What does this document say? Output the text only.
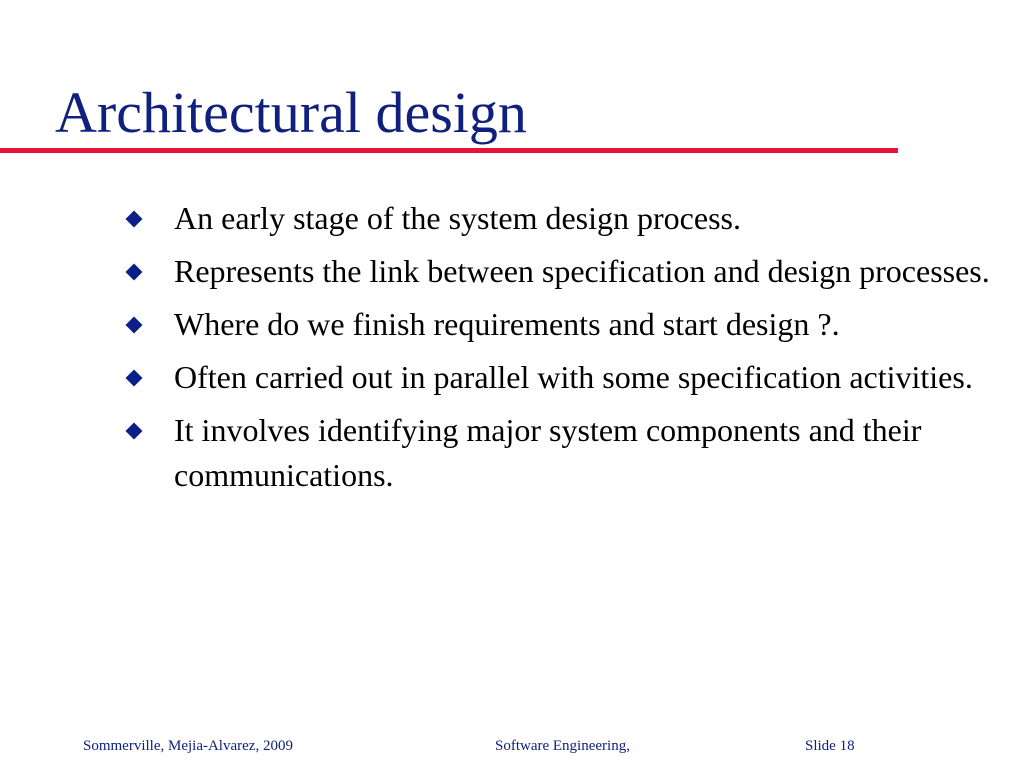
Architectural design
An early stage of the system design process.
Represents the link between specification and design processes.
Where do we finish requirements and start design ?.
Often carried out in parallel with some specification activities.
It involves identifying major system components and their communications.
Sommerville, Mejia-Alvarez, 2009	Software Engineering,	Slide 18
